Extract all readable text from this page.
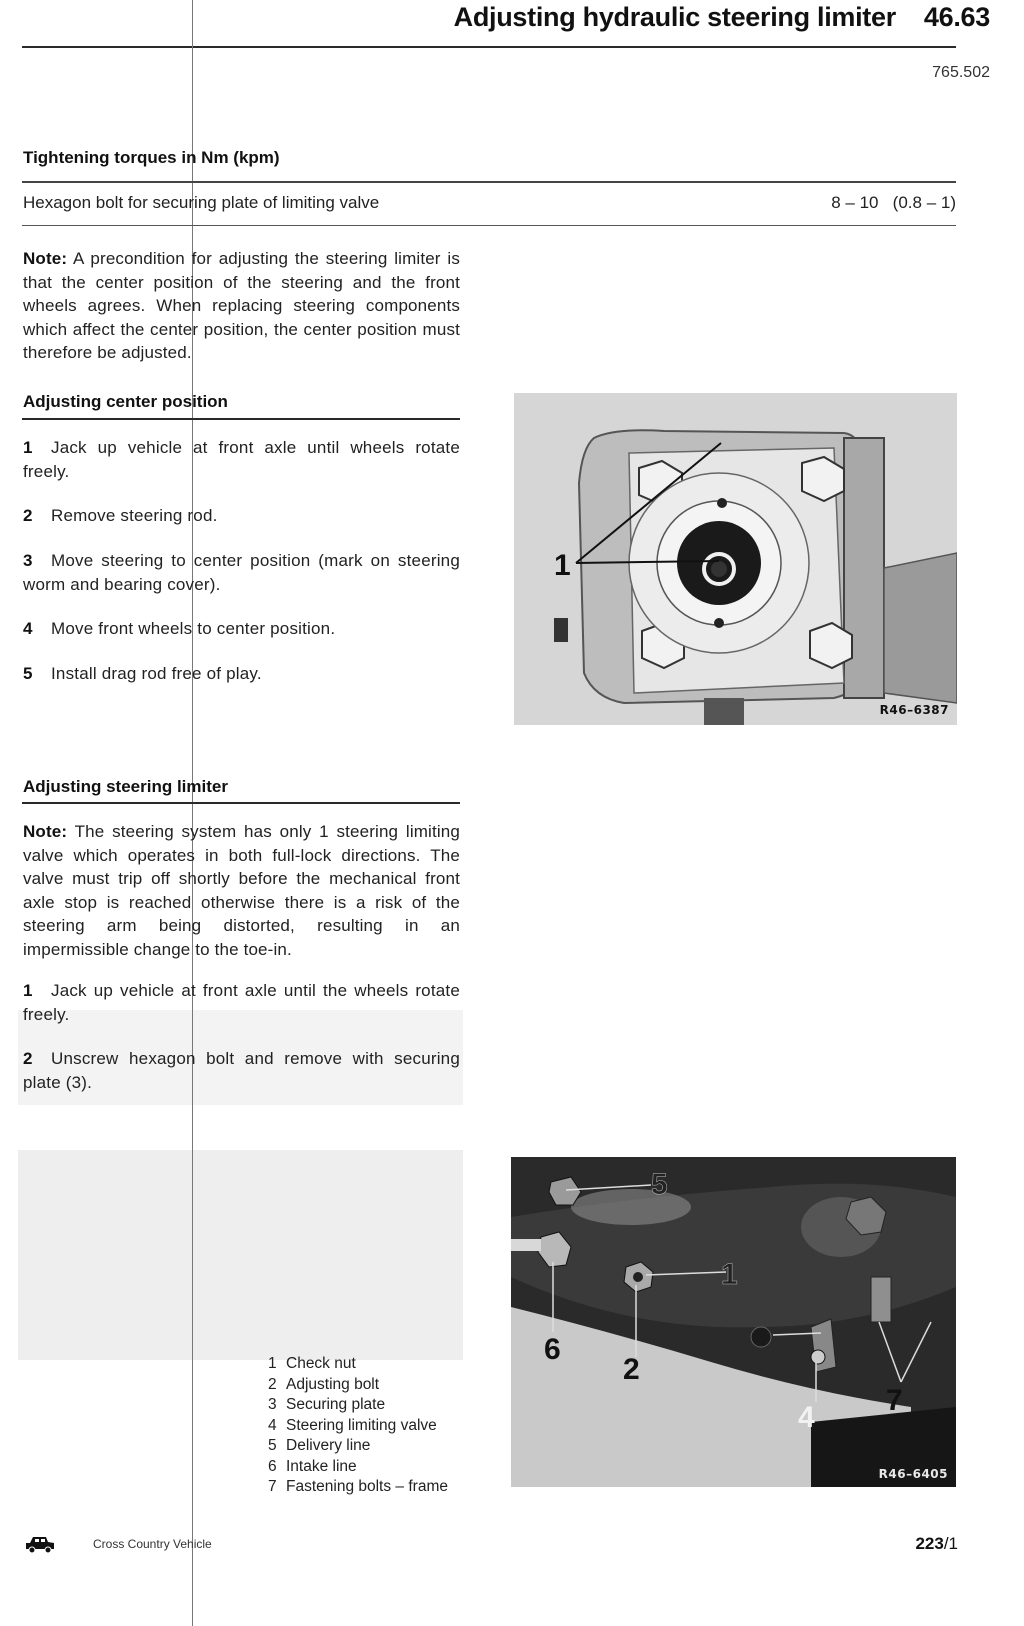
Adjusting hydraulic steering limiter 46.63
765.502
Tightening torques in Nm (kpm)
Hexagon bolt for securing plate of limiting valve	8 – 10   (0.8 – 1)
Note: A precondition for adjusting the steering limiter is that the center position of the steering and the front wheels agrees. When replacing steering components which affect the center position, the center position must therefore be adjusted.
Adjusting center position
1 Jack up vehicle at front axle until wheels rotate freely.
2 Remove steering rod.
3 Move steering to center position (mark on steering worm and bearing cover).
4 Move front wheels to center position.
5 Install drag rod free of play.
1
R46–6387
Adjusting steering limiter
Note: The steering system has only 1 steering limiting valve which operates in both full-lock directions. The valve must trip off shortly before the mechanical front axle stop is reached otherwise there is a risk of the steering arm being distorted, resulting in an impermissible change to the toe-in.
1 Jack up vehicle at front axle until the wheels rotate freely.
2 Unscrew hexagon bolt and remove with securing plate (3).
1 Check nut
2 Adjusting bolt
3 Securing plate
4 Steering limiting valve
5 Delivery line
6 Intake line
7 Fastening bolts – frame
5
1
6
2
4
7
R46–6405
Cross Country Vehicle	223/1
